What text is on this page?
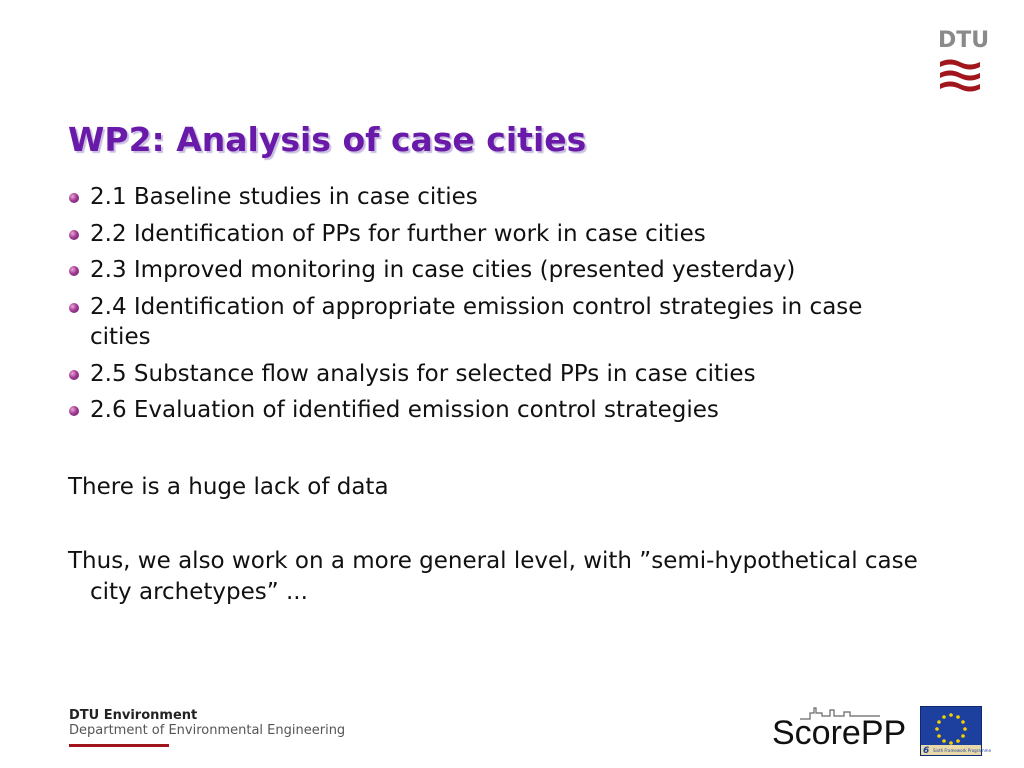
DTU
WP2: Analysis of case cities
2.1 Baseline studies in case cities
2.2 Identification of PPs for further work in case cities
2.3 Improved monitoring in case cities (presented yesterday)
2.4 Identification of appropriate emission control strategies in case cities
2.5 Substance flow analysis for selected PPs in case cities
2.6 Evaluation of identified emission control strategies
There is a huge lack of data
Thus, we also work on a more general level, with ”semi-hypothetical case city archetypes” ...
DTU Environment
Department of Environmental Engineering	ScorePP 6 Sixth Framework Programme
